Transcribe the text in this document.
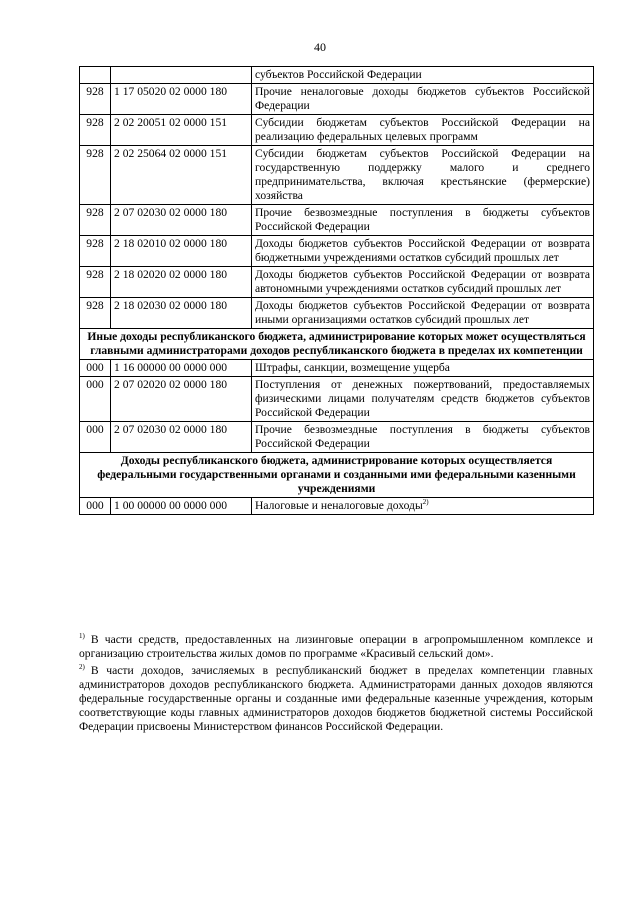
40
		субъектов Российской Федерации
928	1 17 05020 02 0000 180	Прочие неналоговые доходы бюджетов субъектов Российской Федерации
928	2 02 20051 02 0000 151	Субсидии бюджетам субъектов Российской Федерации на реализацию федеральных целевых программ
928	2 02 25064 02 0000 151	Субсидии бюджетам субъектов Российской Федерации на государственную поддержку малого и среднего предпринимательства, включая крестьянские (фермерские) хозяйства
928	2 07 02030 02 0000 180	Прочие безвозмездные поступления в бюджеты субъектов Российской Федерации
928	2 18 02010 02 0000 180	Доходы бюджетов субъектов Российской Федерации от возврата бюджетными учреждениями остатков субсидий прошлых лет
928	2 18 02020 02 0000 180	Доходы бюджетов субъектов Российской Федерации от возврата автономными учреждениями остатков субсидий прошлых лет
928	2 18 02030 02 0000 180	Доходы бюджетов субъектов Российской Федерации от возврата иными организациями остатков субсидий прошлых лет
Иные доходы республиканского бюджета, администрирование которых может осуществляться главными администраторами доходов республиканского бюджета в пределах их компетенции		
000	1 16 00000 00 0000 000	Штрафы, санкции, возмещение ущерба
000	2 07 02020 02 0000 180	Поступления от денежных пожертвований, предоставляемых физическими лицами получателям средств бюджетов субъектов Российской Федерации
000	2 07 02030 02 0000 180	Прочие безвозмездные поступления в бюджеты субъектов Российской Федерации
Доходы республиканского бюджета, администрирование которых осуществляется федеральными государственными органами и созданными ими федеральными казенными учреждениями		
000	1 00 00000 00 0000 000	Налоговые и неналоговые доходы$^{2)}$

$^{1)}$ В части средств, предоставленных на лизинговые операции в агропромышленном комплексе и организацию строительства жилых домов по программе «Красивый сельский дом».

$^{2)}$ В части доходов, зачисляемых в республиканский бюджет в пределах компетенции главных администраторов доходов республиканского бюджета. Администраторами данных доходов являются федеральные государственные органы и созданные ими федеральные казенные учреждения, которым соответствующие коды главных администраторов доходов бюджетов бюджетной системы Российской Федерации присвоены Министерством финансов Российской Федерации.
